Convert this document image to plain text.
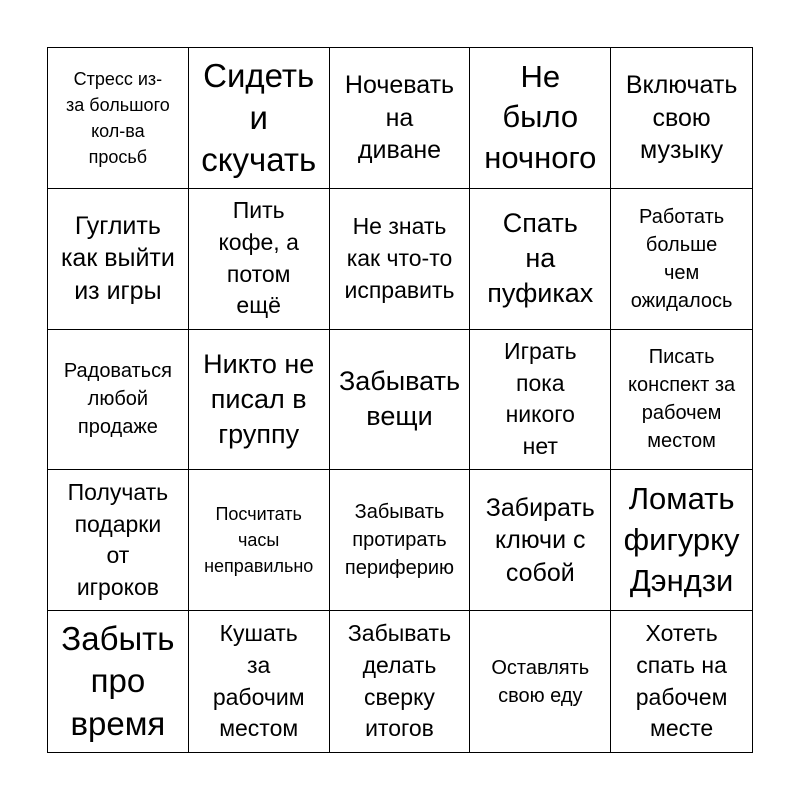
Стресс из-
за большого
кол-ва
просьб
Сидеть
и
скучать
Ночевать
на
диване
Не
было
ночного
Включать
свою
музыку
Гуглить
как выйти
из игры
Пить
кофе, а
потом
ещё
Не знать
как что-то
исправить
Спать
на
пуфиках
Работать
больше
чем
ожидалось
Радоваться
любой
продаже
Никто не
писал в
группу
Забывать
вещи
Играть
пока
никого
нет
Писать
конспект за
рабочем
местом
Получать
подарки
от
игроков
Посчитать
часы
неправильно
Забывать
протирать
периферию
Забирать
ключи с
собой
Ломать
фигурку
Дэндзи
Забыть
про
время
Кушать
за
рабочим
местом
Забывать
делать
сверку
итогов
Оставлять
свою еду
Хотеть
спать на
рабочем
месте
